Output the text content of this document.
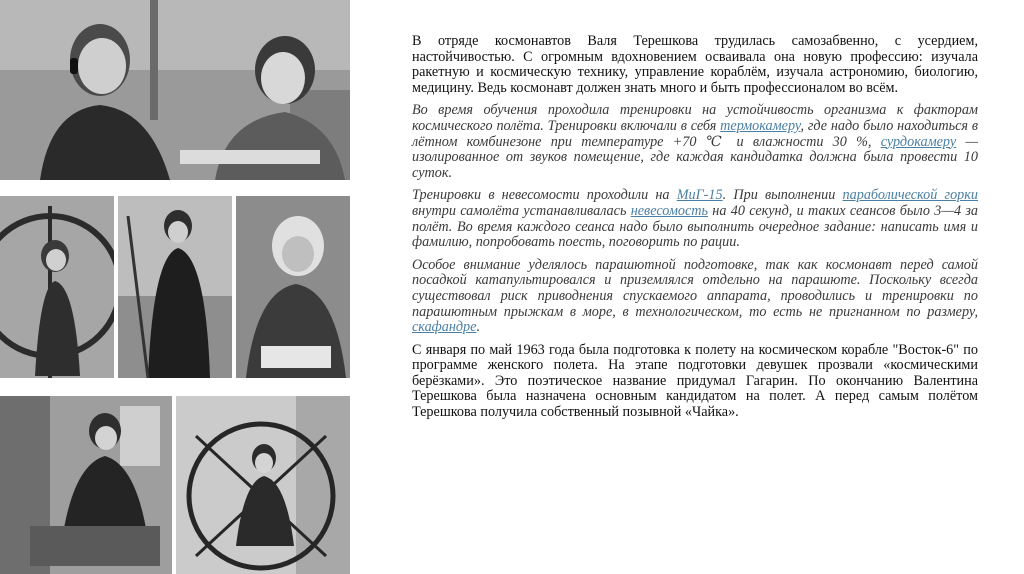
В отряде космонавтов Валя Терешкова трудилась самозабвенно, с усердием, настойчивостью. С огромным вдохновением осваивала она новую профессию: изучала ракетную и космическую технику, управление кораблём, изучала астрономию, биологию, медицину. Ведь космонавт должен знать много и быть профессионалом во всём.

Во время обучения проходила тренировки на устойчивость организма к факторам космического полёта. Тренировки включали в себя термокамеру, где надо было находиться в лётном комбинезоне при температуре +70 ℃ и влажности 30 %, сурдокамеру — изолированное от звуков помещение, где каждая кандидатка должна была провести 10 суток.

Тренировки в невесомости проходили на МиГ-15. При выполнении параболической горки внутри самолёта устанавливалась невесомость на 40 секунд, и таких сеансов было 3—4 за полёт. Во время каждого сеанса надо было выполнить очередное задание: написать имя и фамилию, попробовать поесть, поговорить по рации.

Особое внимание уделялось парашютной подготовке, так как космонавт перед самой посадкой катапультировался и приземлялся отдельно на парашюте. Поскольку всегда существовал риск приводнения спускаемого аппарата, проводились и тренировки по парашютным прыжкам в море, в технологическом, то есть не пригнанном по размеру, скафандре.

С января по май 1963 года была подготовка к полету на космическом корабле "Восток-6" по программе женского полета. На этапе подготовки девушек прозвали «космическими берёзками». Это поэтическое название придумал Гагарин. По окончанию Валентина Терешкова была назначена основным кандидатом на полет. А перед самым полётом Терешкова получила собственный позывной «Чайка».
